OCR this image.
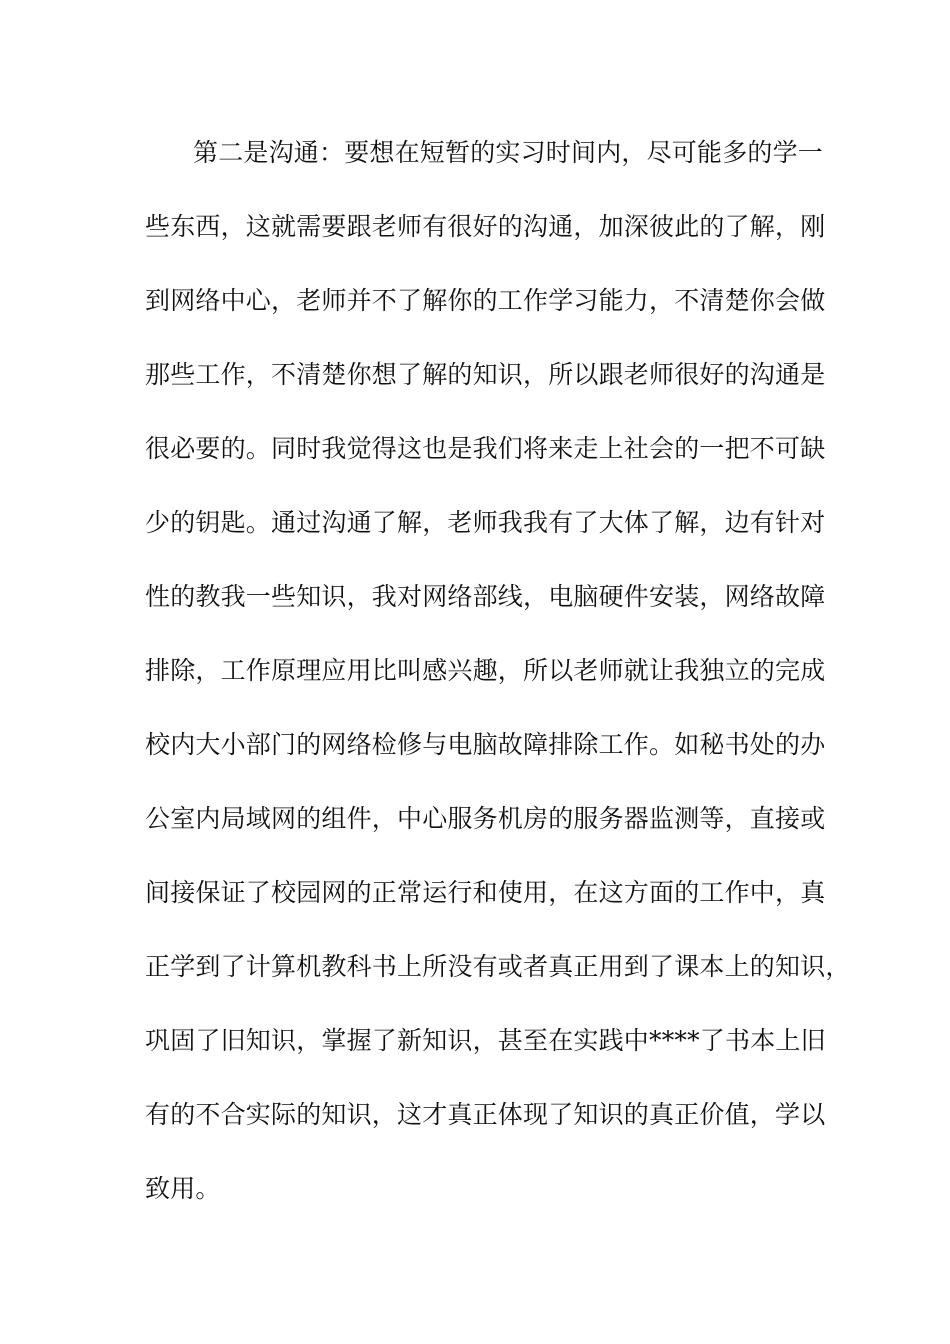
第二是沟通：要想在短暂的实习时间内，尽可能多的学一
些东西，这就需要跟老师有很好的沟通，加深彼此的了解，刚
到网络中心，老师并不了解你的工作学习能力，不清楚你会做
那些工作，不清楚你想了解的知识，所以跟老师很好的沟通是
很必要的。同时我觉得这也是我们将来走上社会的一把不可缺
少的钥匙。通过沟通了解，老师我我有了大体了解，边有针对
性的教我一些知识，我对网络部线，电脑硬件安装，网络故障
排除，工作原理应用比叫感兴趣，所以老师就让我独立的完成
校内大小部门的网络检修与电脑故障排除工作。如秘书处的办
公室内局域网的组件，中心服务机房的服务器监测等，直接或
间接保证了校园网的正常运行和使用，在这方面的工作中，真
正学到了计算机教科书上所没有或者真正用到了课本上的知识，
巩固了旧知识，掌握了新知识，甚至在实践中****了书本上旧
有的不合实际的知识，这才真正体现了知识的真正价值，学以
致用。
